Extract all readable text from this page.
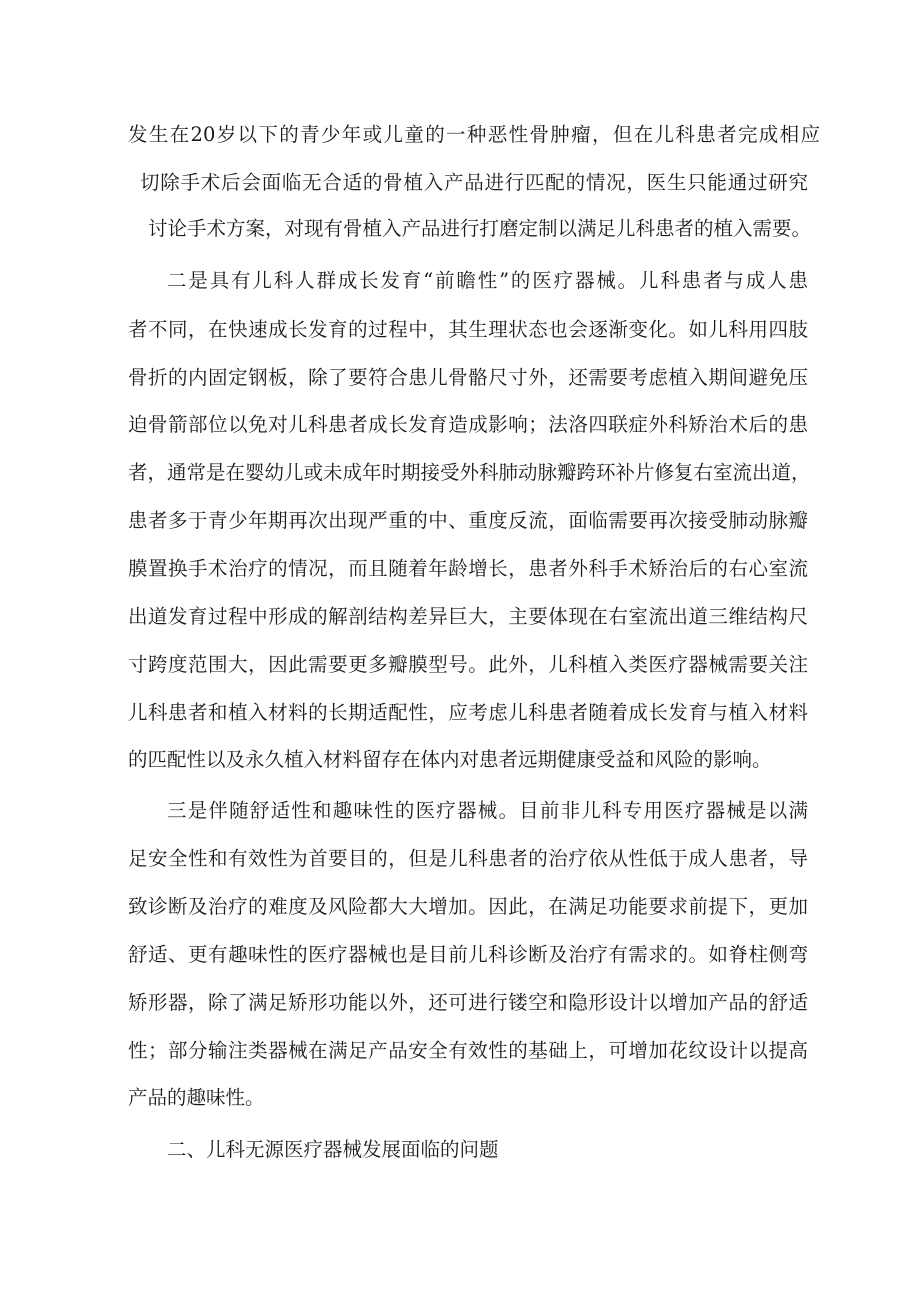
发生在20岁以下的青少年或儿童的一种恶性骨肿瘤，但在儿科患者完成相应
切除手术后会面临无合适的骨植入产品进行匹配的情况，医生只能通过研究
讨论手术方案，对现有骨植入产品进行打磨定制以满足儿科患者的植入需要。
二是具有儿科人群成长发育“前瞻性”的医疗器械。儿科患者与成人患
者不同，在快速成长发育的过程中，其生理状态也会逐渐变化。如儿科用四肢
骨折的内固定钢板，除了要符合患儿骨骼尺寸外，还需要考虑植入期间避免压
迫骨箭部位以免对儿科患者成长发育造成影响；法洛四联症外科矫治术后的患
者，通常是在婴幼儿或未成年时期接受外科肺动脉瓣跨环补片修复右室流出道，
患者多于青少年期再次出现严重的中、重度反流，面临需要再次接受肺动脉瓣
膜置换手术治疗的情况，而且随着年龄增长，患者外科手术矫治后的右心室流
出道发育过程中形成的解剖结构差异巨大，主要体现在右室流出道三维结构尺
寸跨度范围大，因此需要更多瓣膜型号。此外，儿科植入类医疗器械需要关注
儿科患者和植入材料的长期适配性，应考虑儿科患者随着成长发育与植入材料
的匹配性以及永久植入材料留存在体内对患者远期健康受益和风险的影响。
三是伴随舒适性和趣味性的医疗器械。目前非儿科专用医疗器械是以满
足安全性和有效性为首要目的，但是儿科患者的治疗依从性低于成人患者，导
致诊断及治疗的难度及风险都大大增加。因此，在满足功能要求前提下，更加
舒适、更有趣味性的医疗器械也是目前儿科诊断及治疗有需求的。如脊柱侧弯
矫形器，除了满足矫形功能以外，还可进行镂空和隐形设计以增加产品的舒适
性；部分输注类器械在满足产品安全有效性的基础上，可增加花纹设计以提高
产品的趣味性。
二、儿科无源医疗器械发展面临的问题
